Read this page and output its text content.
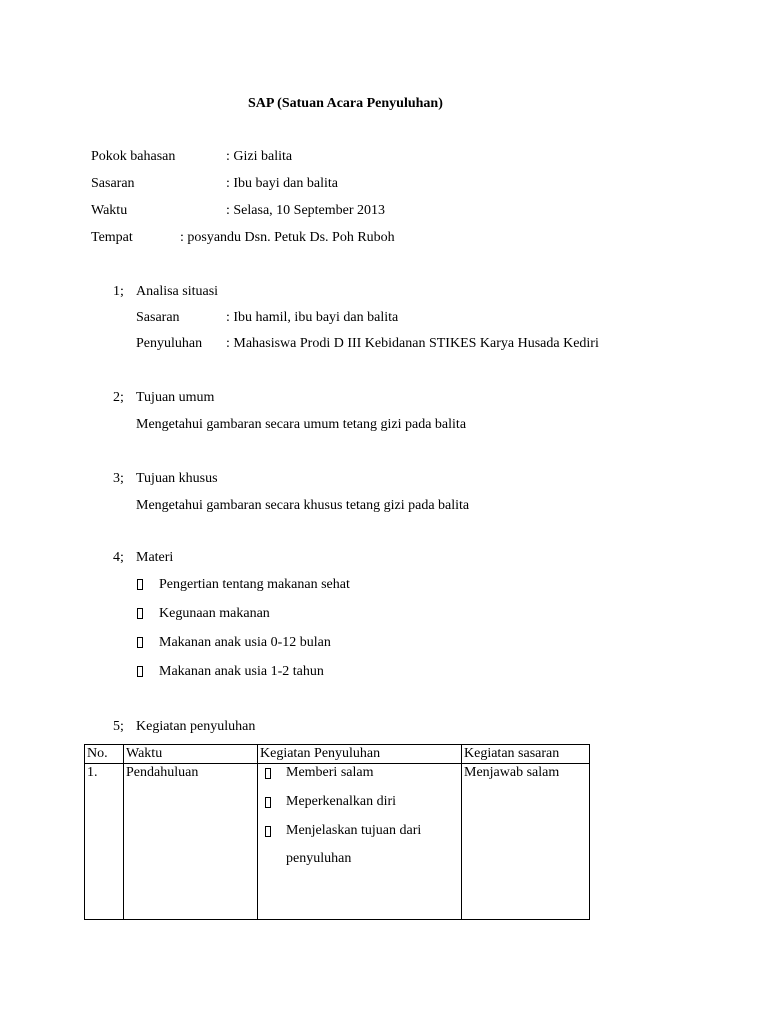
SAP (Satuan Acara Penyuluhan)
Pokok bahasan	: Gizi balita
Sasaran	: Ibu bayi dan balita
Waktu	: Selasa, 10 September 2013
Tempat	: posyandu Dsn. Petuk Ds. Poh Ruboh
1; Analisa situasi
Sasaran	: Ibu hamil, ibu bayi dan balita
Penyuluhan : Mahasiswa Prodi D III Kebidanan STIKES Karya Husada Kediri
2; Tujuan umum
Mengetahui gambaran secara umum tetang gizi pada balita
3; Tujuan khusus
Mengetahui gambaran secara khusus tetang gizi pada balita
4; Materi
Pengertian tentang makanan sehat
Kegunaan makanan
Makanan anak usia 0-12 bulan
Makanan anak usia 1-2 tahun
5; Kegiatan penyuluhan
No.	Waktu	Kegiatan Penyuluhan	Kegiatan sasaran
1.	Pendahuluan	Memberi salam
Meperkenalkan diri
Menjelaskan tujuan dari
penyuluhan	Menjawab salam
